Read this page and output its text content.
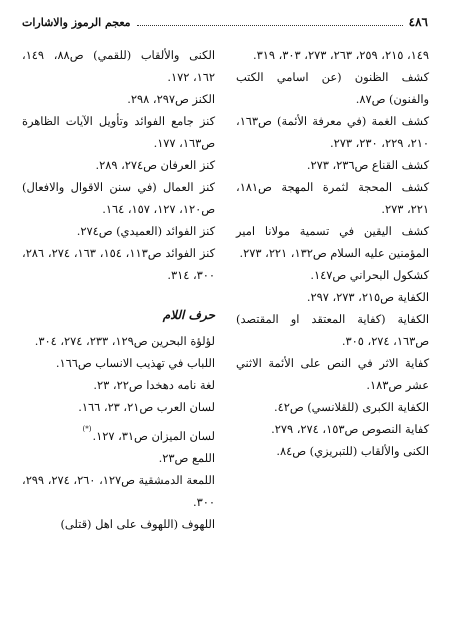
٤٨٦
معجم الرموز والاشارات

١٤٩، ٢١٥، ٢٥٩، ٢٦٣، ٢٧٣، ٣٠٣، ٣١٩.

كشف الظنون (عن اسامي الكتب والفنون) ص٨٧.

كشف الغمة (في معرفة الأئمة) ص١٦٣، ٢١٠، ٢٢٩، ٢٣٠، ٢٧٣.

كشف القناع ص٢٣٦، ٢٧٣.

كشف المحجة لثمرة المهجة ص١٨١، ٢٢١، ٢٧٣.

كشف اليقين في تسمية مولانا امير المؤمنين عليه السلام ص١٣٢، ٢٢١، ٢٧٣.

كشكول البحراني ص١٤٧.

الكفاية ص٢١٥، ٢٧٣، ٢٩٧.

الكفاية (كفاية المعتقد او المقتصد) ص١٦٣، ٢٧٤، ٣٠٥.

كفاية الاثر في النص على الأئمة الاثني عشر ص١٨٣.

الكفاية الكبرى (للقلانسي) ص٤٢.

كفاية النصوص ص١٥٣، ٢٧٤، ٢٧٩.

الكنى والألقاب (للتبريزي) ص٨٤.

الكنى والألقاب (للقمي) ص٨٨، ١٤٩، ١٦٢، ١٧٢.

الكنز ص٢٩٧، ٢٩٨.

كنز جامع الفوائد وتأويل الآيات الظاهرة ص١٦٣، ١٧٧.

كنز العرفان ص٢٧٤، ٢٨٩.

كنز العمال (في سنن الاقوال والافعال) ص١٢٠، ١٢٧، ١٥٧، ١٦٤.

كنز الفوائد (العميدي) ص٢٧٤.

كنز الفوائد ص١١٣، ١٥٤، ١٦٣، ٢٧٤، ٢٨٦، ٣٠٠، ٣١٤.

حرف اللام

لؤلؤة البحرين ص١٢٩، ٢٣٣، ٢٧٤، ٣٠٤.

اللباب في تهذيب الانساب ص١٦٦.

لغة نامه دهخدا ص٢٢، ٢٣.

لسان العرب ص٢١، ٢٣، ١٦٦.

لسان الميزان ص٣١، ١٢٧.(*)

اللمع ص٢٣.

اللمعة الدمشقية ص١٢٧، ٢٦٠، ٢٧٤، ٢٩٩، ٣٠٠.

اللهوف (اللهوف على اهل (قتلى)
